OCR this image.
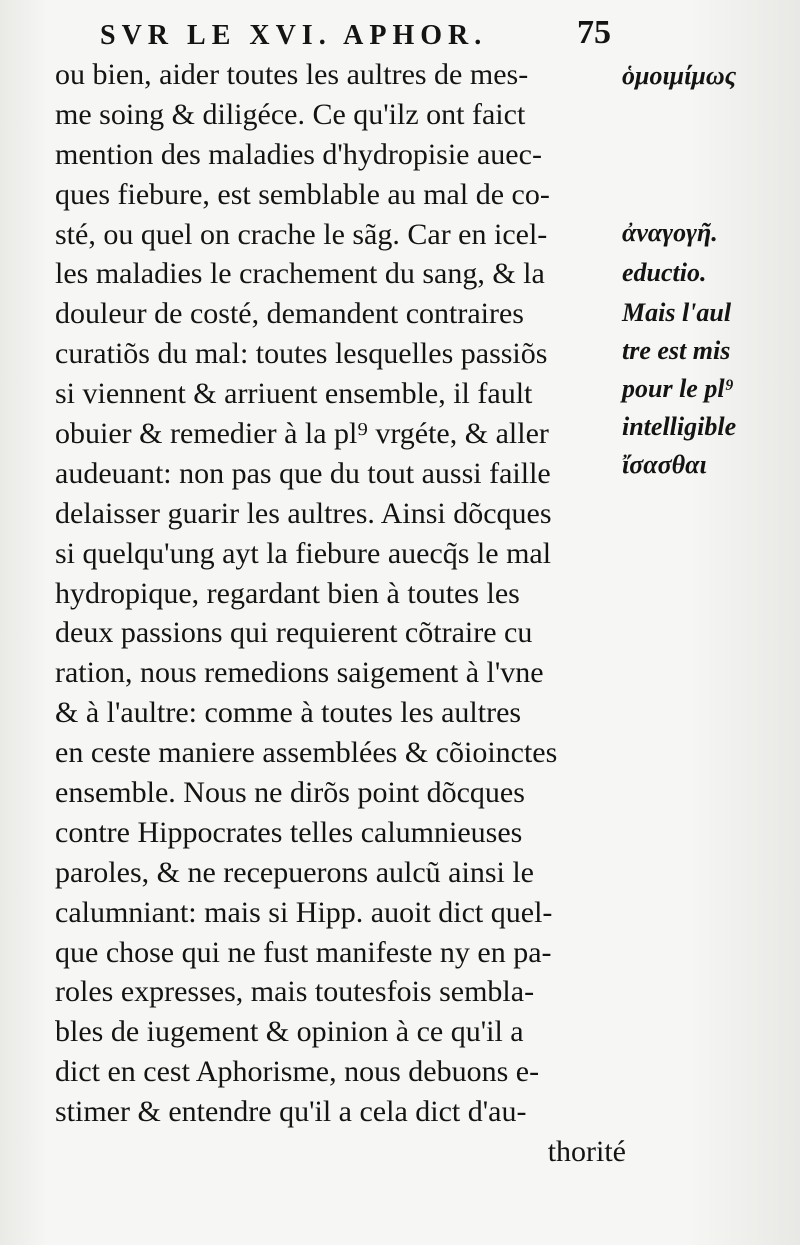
SVR LE XVI. APHOR.	75
ou bien, aider toutes les aultres de mes-
me soing & diligéce. Ce qu'ilz ont faict
mention des maladies d'hydropisie auec-
ques fiebure, est semblable au mal de co-
sté, ou quel on crache le sãg. Car en icel-
les maladies le crachement du sang, & la
douleur de costé, demandent contraires
curatiõs du mal: toutes lesquelles passiõs
si viennent & arriuent ensemble, il fault
obuier & remedier à la pl⁹ vrgéte, & aller
audeuant: non pas que du tout aussi faille
delaisser guarir les aultres. Ainsi dõcques
si quelqu'ung ayt la fiebure auecq̃s le mal
hydropique, regardant bien à toutes les
deux passions qui requierent cõtraire cu
ration, nous remedions saigement à l'vne
& à l'aultre: comme à toutes les aultres
en ceste maniere assemblées & cõioinctes
ensemble. Nous ne dirõs point dõcques
contre Hippocrates telles calumnieuses
paroles, & ne recepuerons aulcũ ainsi le
calumniant: mais si Hipp. auoit dict quel-
que chose qui ne fust manifeste ny en pa-
roles expresses, mais toutesfois sembla-
bles de iugement & opinion à ce qu'il a
dict en cest Aphorisme, nous debuons e-
stimer & entendre qu'il a cela dict d'au-
thorité
ὁμοιμίμως
ἀναγογῆ.
eductio.
Mais l'aul
tre est mis
pour le pl⁹
intelligible
ἴσασθαι
